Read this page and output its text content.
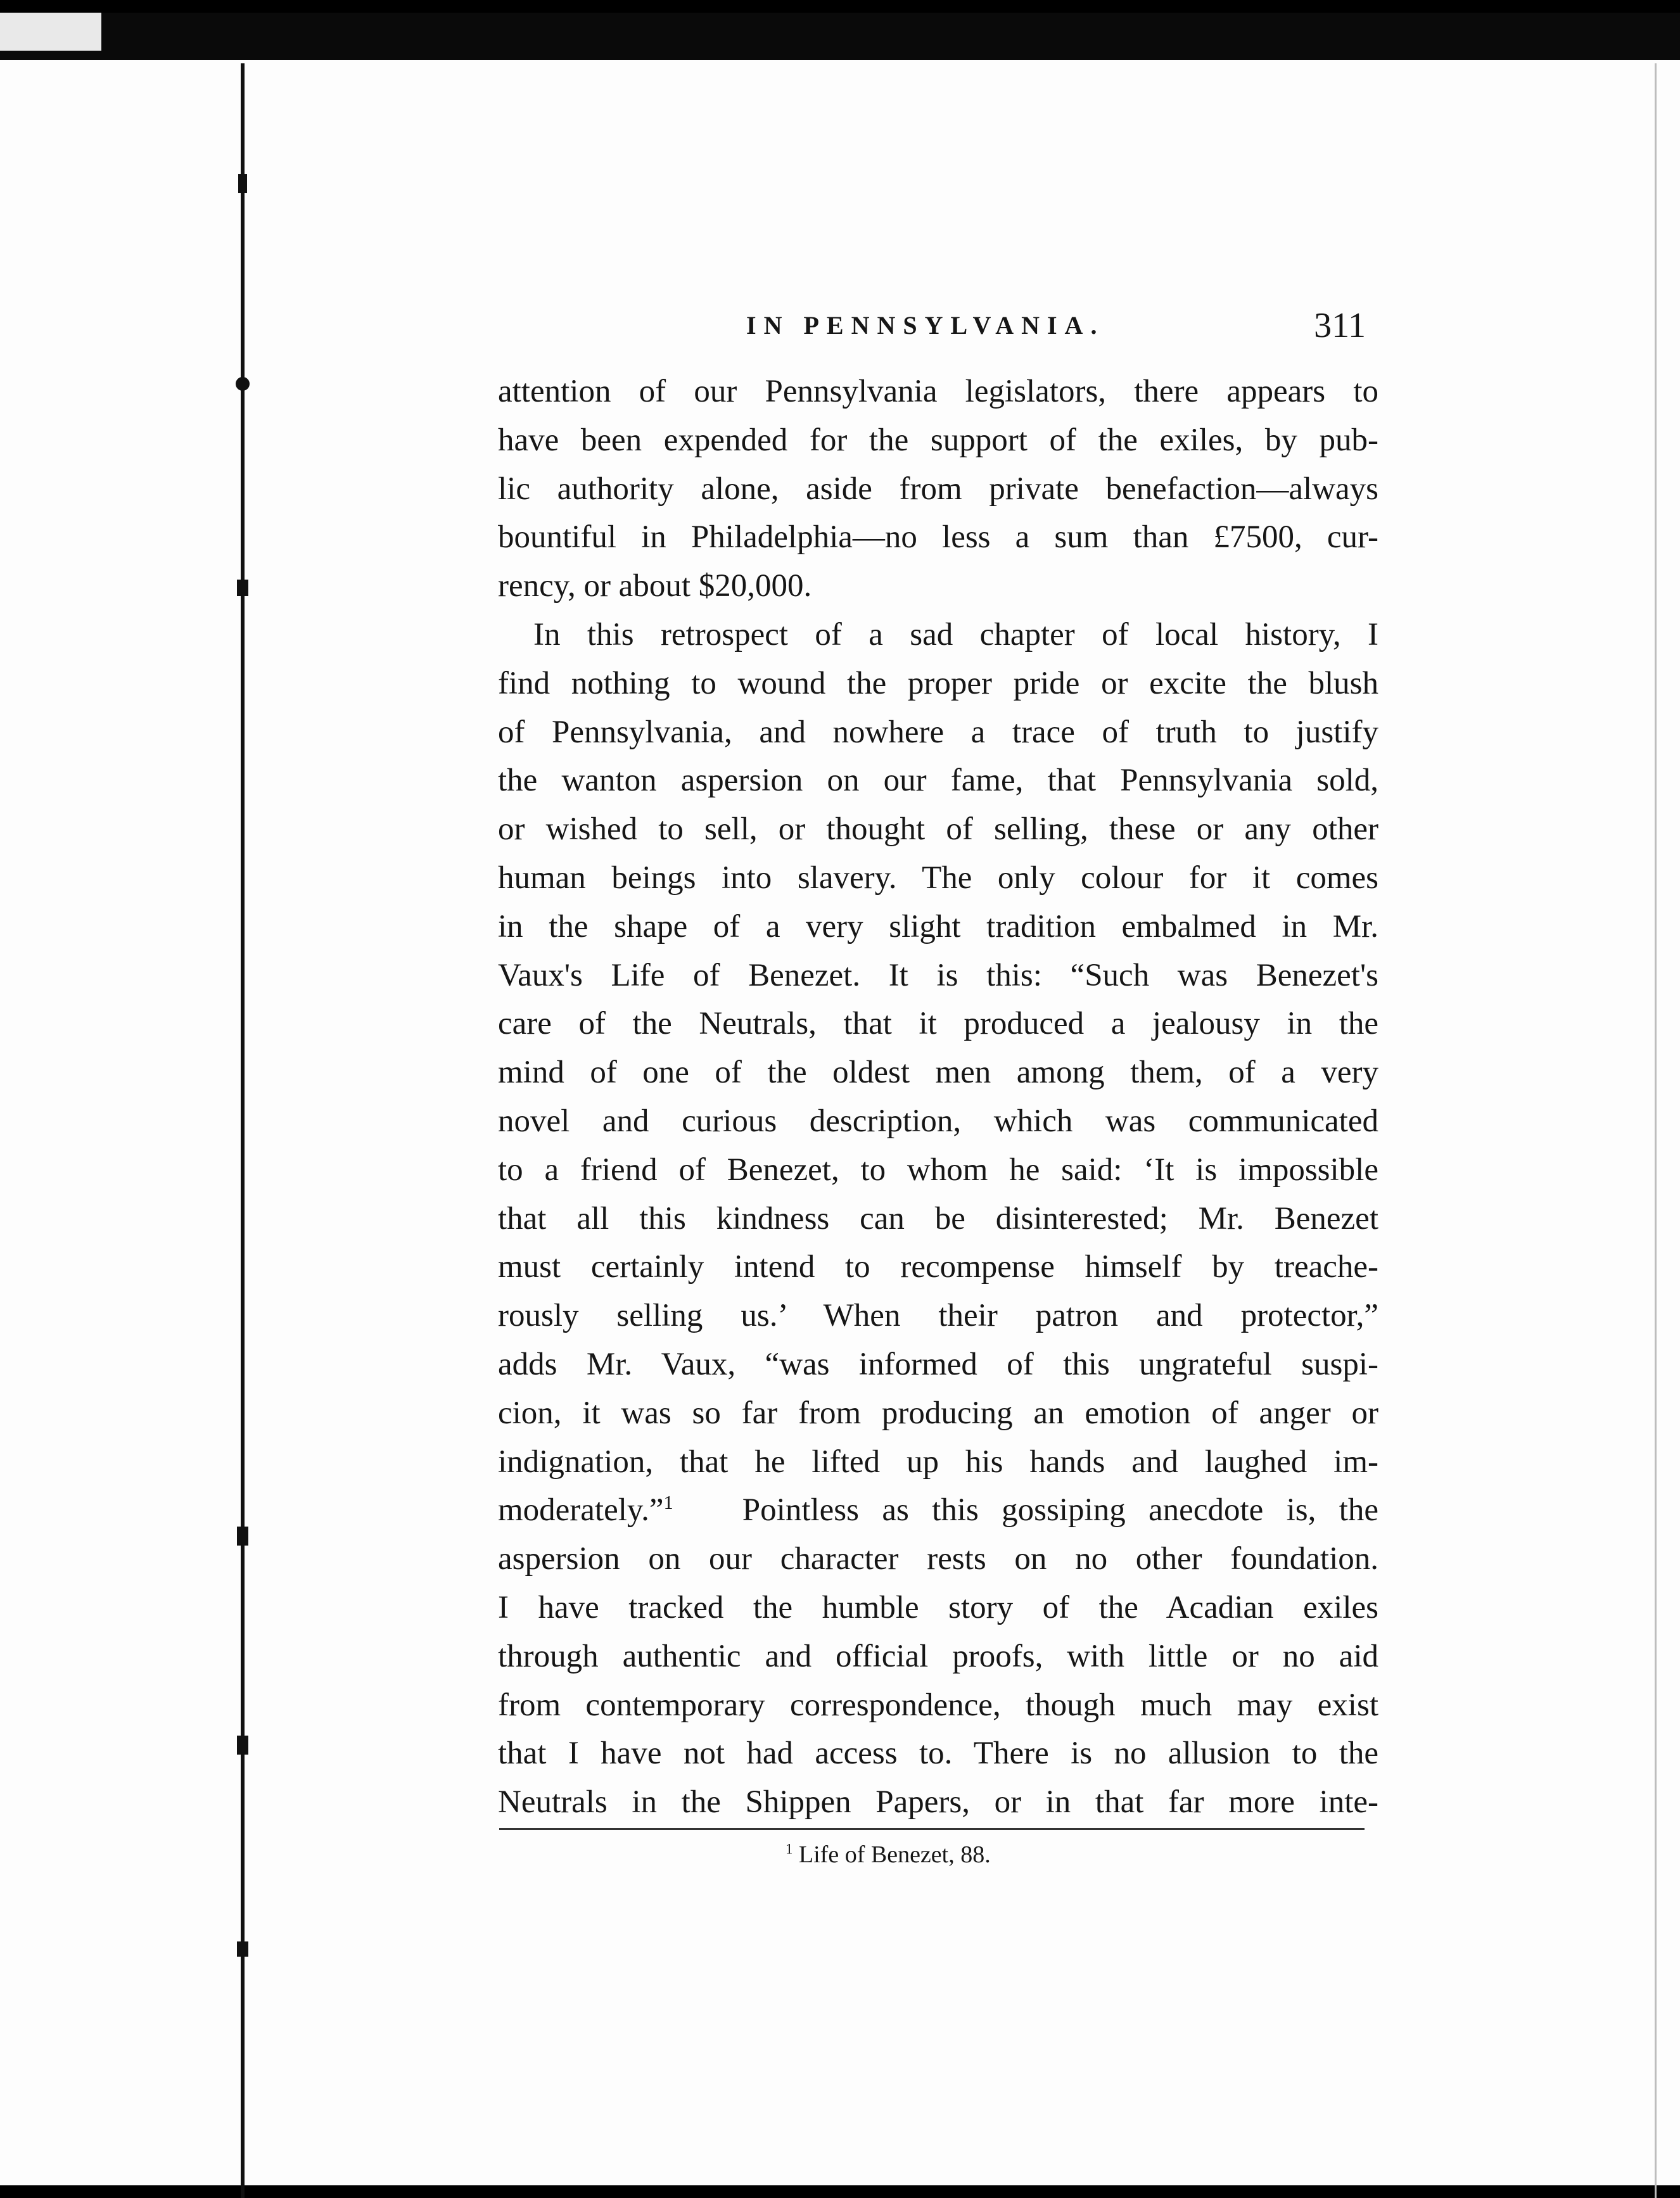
IN PENNSYLVANIA.	311
attention of our Pennsylvania legislators, there appears to
have been expended for the support of the exiles, by pub-
lic authority alone, aside from private benefaction—always
bountiful in Philadelphia—no less a sum than £7500, cur-
rency, or about $20,000.
In this retrospect of a sad chapter of local history, I
find nothing to wound the proper pride or excite the blush
of Pennsylvania, and nowhere a trace of truth to justify
the wanton aspersion on our fame, that Pennsylvania sold,
or wished to sell, or thought of selling, these or any other
human beings into slavery. The only colour for it comes
in the shape of a very slight tradition embalmed in Mr.
Vaux's Life of Benezet. It is this: “Such was Benezet's
care of the Neutrals, that it produced a jealousy in the
mind of one of the oldest men among them, of a very
novel and curious description, which was communicated
to a friend of Benezet, to whom he said: ‘It is impossible
that all this kindness can be disinterested; Mr. Benezet
must certainly intend to recompense himself by treache-
rously selling us.’ When their patron and protector,”
adds Mr. Vaux, “was informed of this ungrateful suspi-
cion, it was so far from producing an emotion of anger or
indignation, that he lifted up his hands and laughed im-
moderately.”$^1$ Pointless as this gossiping anecdote is, the
aspersion on our character rests on no other foundation.
I have tracked the humble story of the Acadian exiles
through authentic and official proofs, with little or no aid
from contemporary correspondence, though much may exist
that I have not had access to. There is no allusion to the
Neutrals in the Shippen Papers, or in that far more inte-
$^1$ Life of Benezet, 88.
